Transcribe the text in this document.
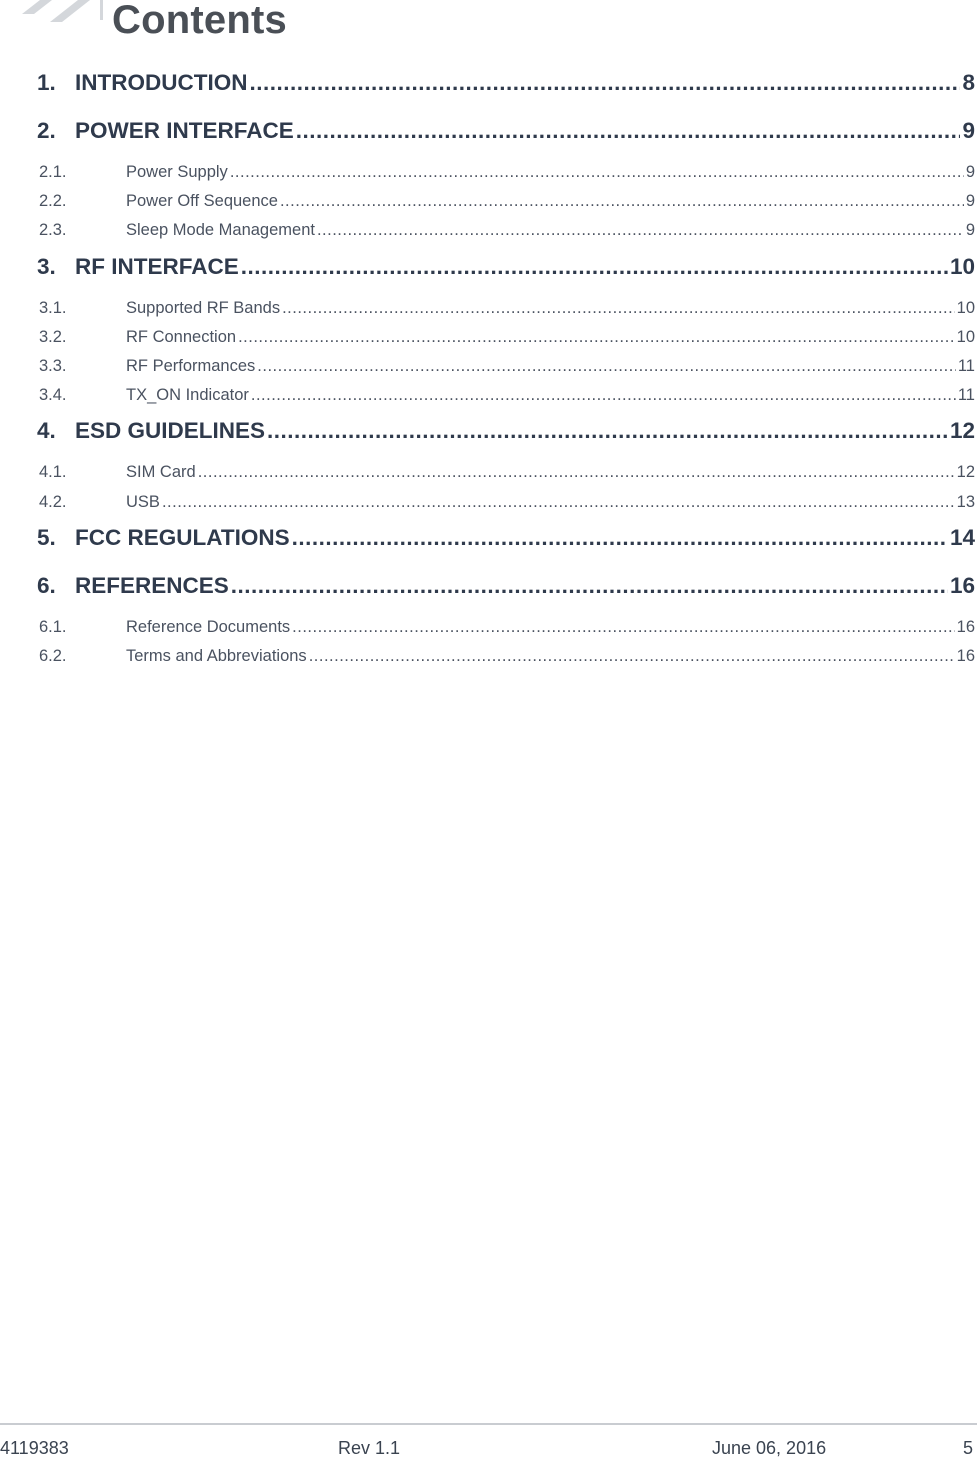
Contents
1. INTRODUCTION .....	8
2. POWER INTERFACE .....	9
2.1.	Power Supply .....	9
2.2.	Power Off Sequence .....	9
2.3.	Sleep Mode Management .....	9
3. RF INTERFACE .....	10
3.1.	Supported RF Bands .....	10
3.2.	RF Connection .....	10
3.3.	RF Performances .....	11
3.4.	TX_ON Indicator .....	11
4. ESD GUIDELINES .....	12
4.1.	SIM Card .....	12
4.2.	USB .....	13
5. FCC REGULATIONS .....	14
6. REFERENCES .....	16
6.1.	Reference Documents .....	16
6.2.	Terms and Abbreviations .....	16
4119383	Rev 1.1	June 06, 2016	5
